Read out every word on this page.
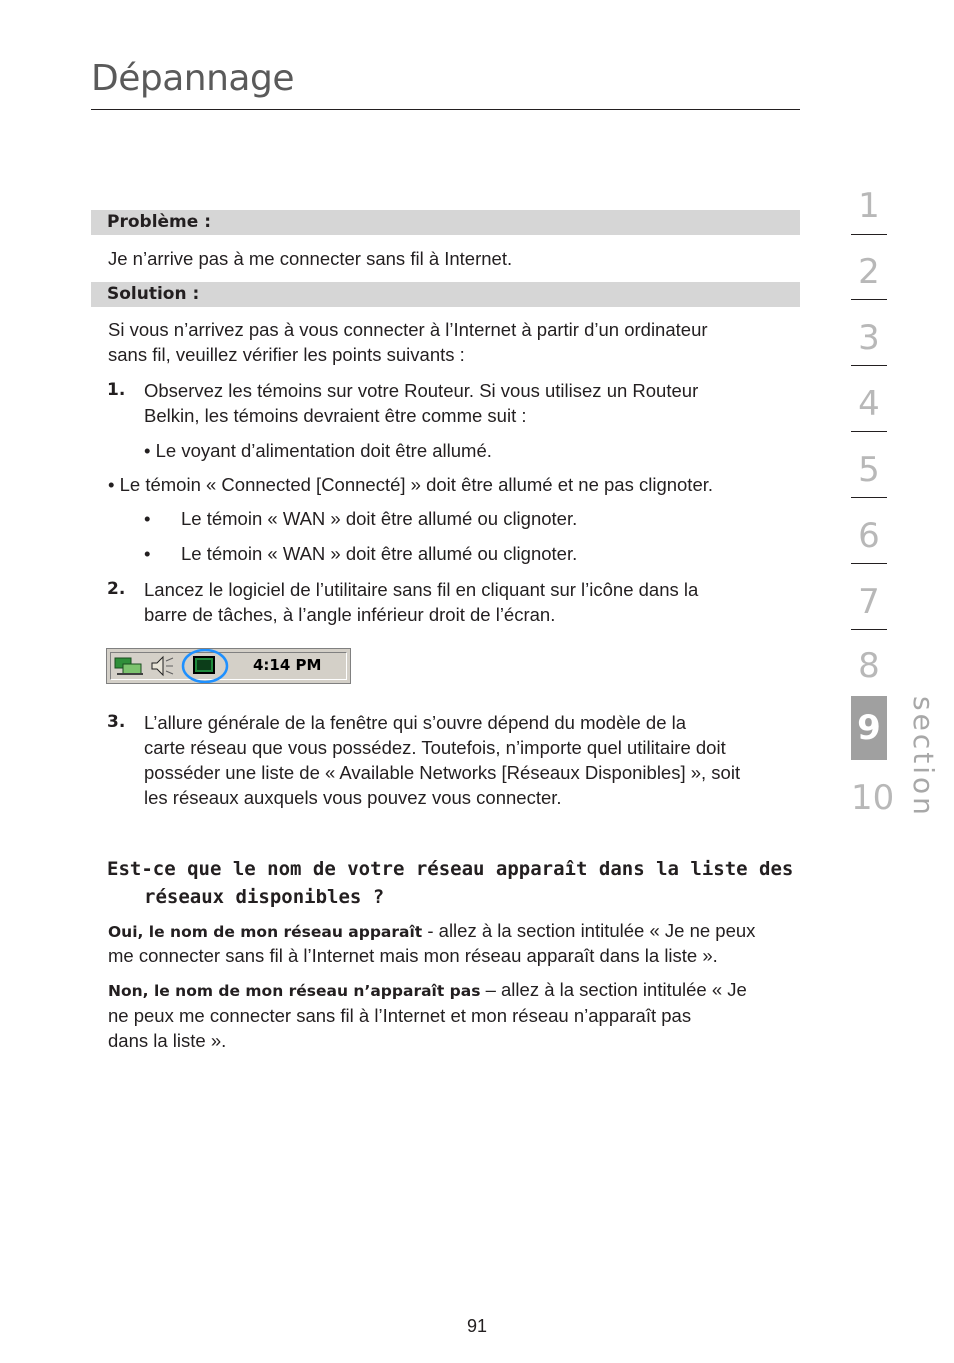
Dépannage
Problème :

Je n’arrive pas à me connecter sans fil à Internet.

Solution :

Si vous n’arrivez pas à vous connecter à l’Internet à partir d’un ordinateur

sans fil, veuillez vérifier les points suivants :

1. Observez les témoins sur votre Routeur. Si vous utilisez un Routeur

Belkin, les témoins devraient être comme suit :

• Le voyant d’alimentation doit être allumé.

• Le témoin « Connected [Connecté] » doit être allumé et ne pas clignoter.

• Le témoin « WAN » doit être allumé ou clignoter.

• Le témoin « WAN » doit être allumé ou clignoter.

2. Lancez le logiciel de l’utilitaire sans fil en cliquant sur l’icône dans la

barre de tâches, à l’angle inférieur droit de l’écran.

4:14 PM
3. L’allure générale de la fenêtre qui s’ouvre dépend du modèle de la

carte réseau que vous possédez. Toutefois, n’importe quel utilitaire doit

posséder une liste de « Available Networks [Réseaux Disponibles] », soit

les réseaux auxquels vous pouvez vous connecter.

Est-ce que le nom de votre réseau apparaît dans la liste des
réseaux disponibles ?

Oui, le nom de mon réseau apparaît - allez à la section intitulée « Je ne peux

me connecter sans fil à l’Internet mais mon réseau apparaît dans la liste ».

Non, le nom de mon réseau n’apparaît pas – allez à la section intitulée « Je

ne peux me connecter sans fil à l’Internet et mon réseau n’apparaît pas

dans la liste ».

1
2
3
4
5
6
7
8
10
9 section
91
